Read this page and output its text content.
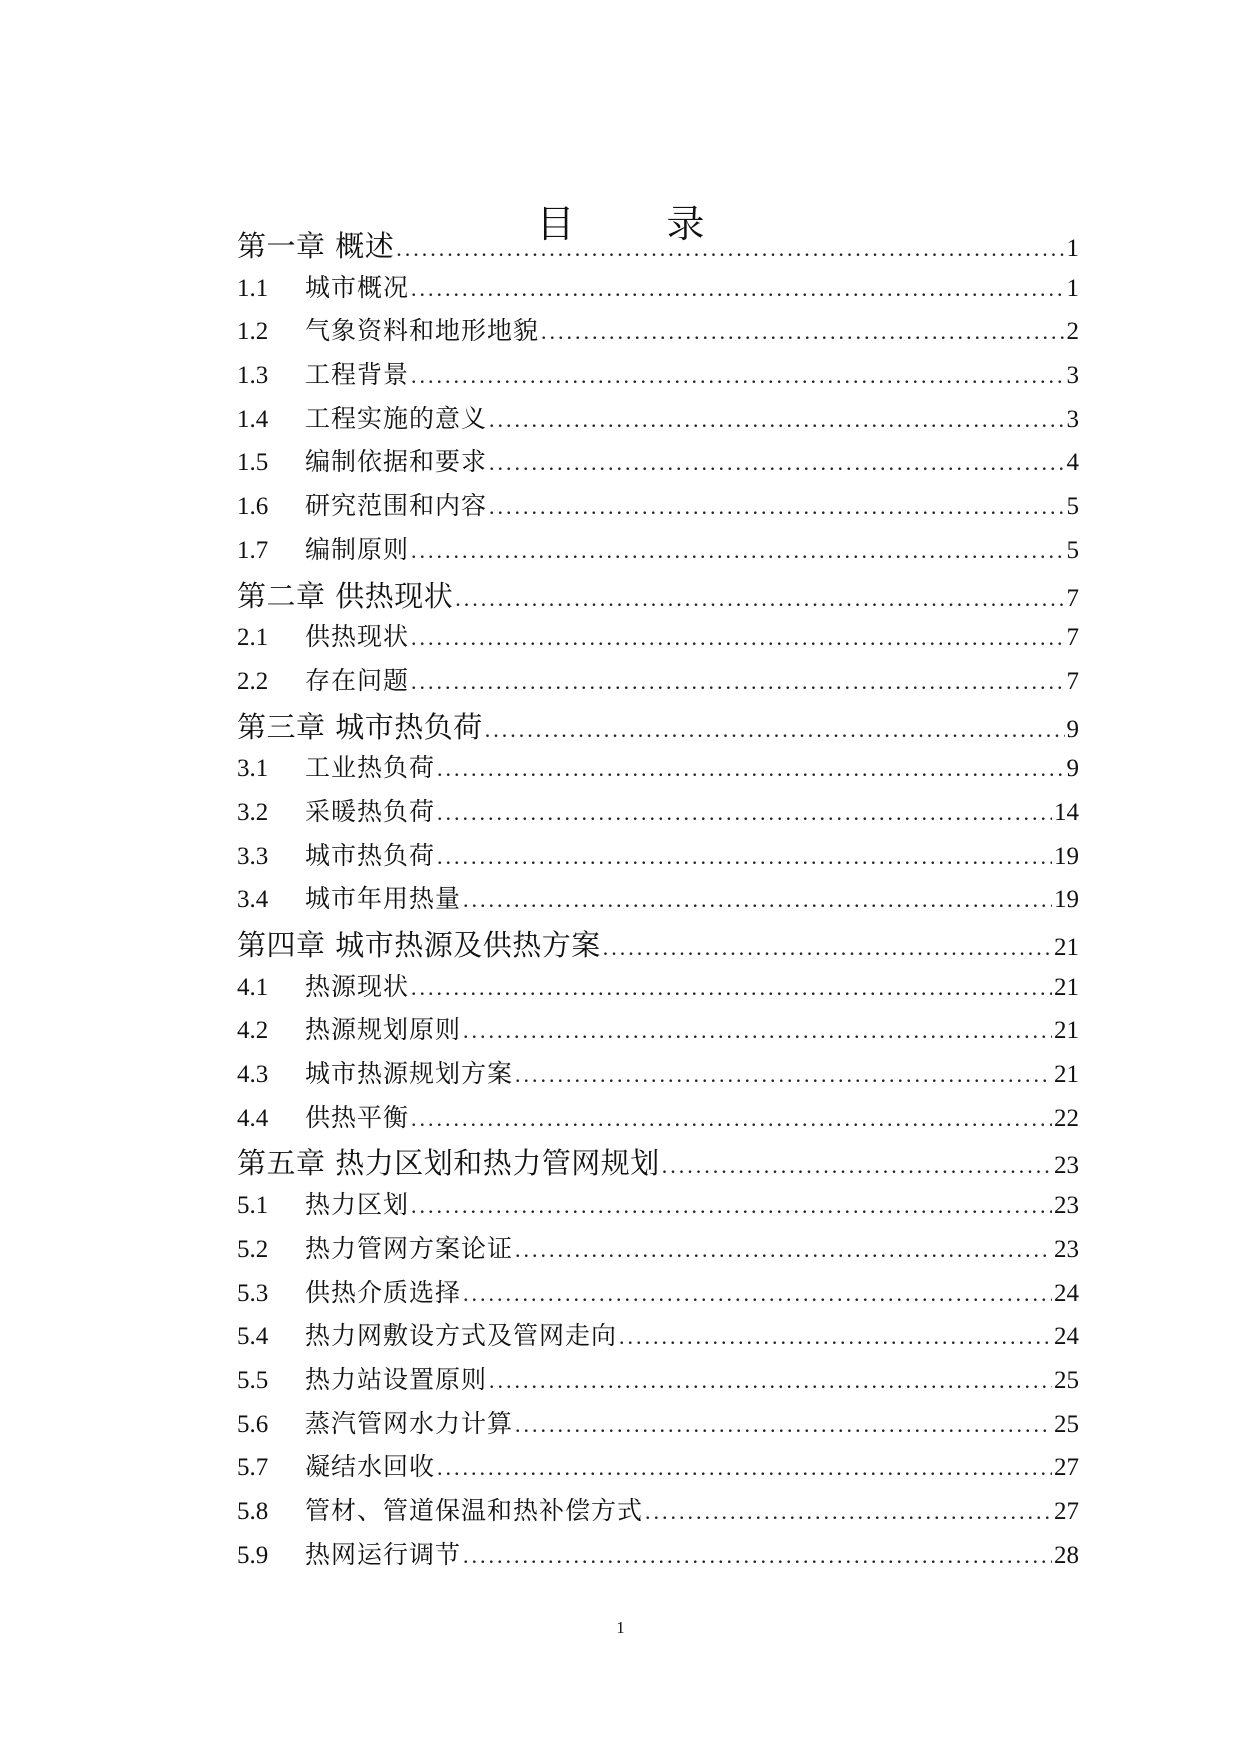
目 录
第一章 概述 .....	1
1.1	城市概况 .....	1
1.2	气象资料和地形地貌 .....	2
1.3	工程背景 .....	3
1.4	工程实施的意义 .....	3
1.5	编制依据和要求 .....	4
1.6	研究范围和内容 .....	5
1.7	编制原则 .....	5
第二章 供热现状 .....	7
2.1	供热现状 .....	7
2.2	存在问题 .....	7
第三章 城市热负荷 .....	9
3.1	工业热负荷 .....	9
3.2	采暖热负荷 .....	14
3.3	城市热负荷 .....	19
3.4	城市年用热量 .....	19
第四章 城市热源及供热方案 .....	21
4.1	热源现状 .....	21
4.2	热源规划原则 .....	21
4.3	城市热源规划方案 .....	21
4.4	供热平衡 .....	22
第五章 热力区划和热力管网规划 .....	23
5.1	热力区划 .....	23
5.2	热力管网方案论证 .....	23
5.3	供热介质选择 .....	24
5.4	热力网敷设方式及管网走向 .....	24
5.5	热力站设置原则 .....	25
5.6	蒸汽管网水力计算 .....	25
5.7	凝结水回收 .....	27
5.8	管材、管道保温和热补偿方式 .....	27
5.9	热网运行调节 .....	28
1
